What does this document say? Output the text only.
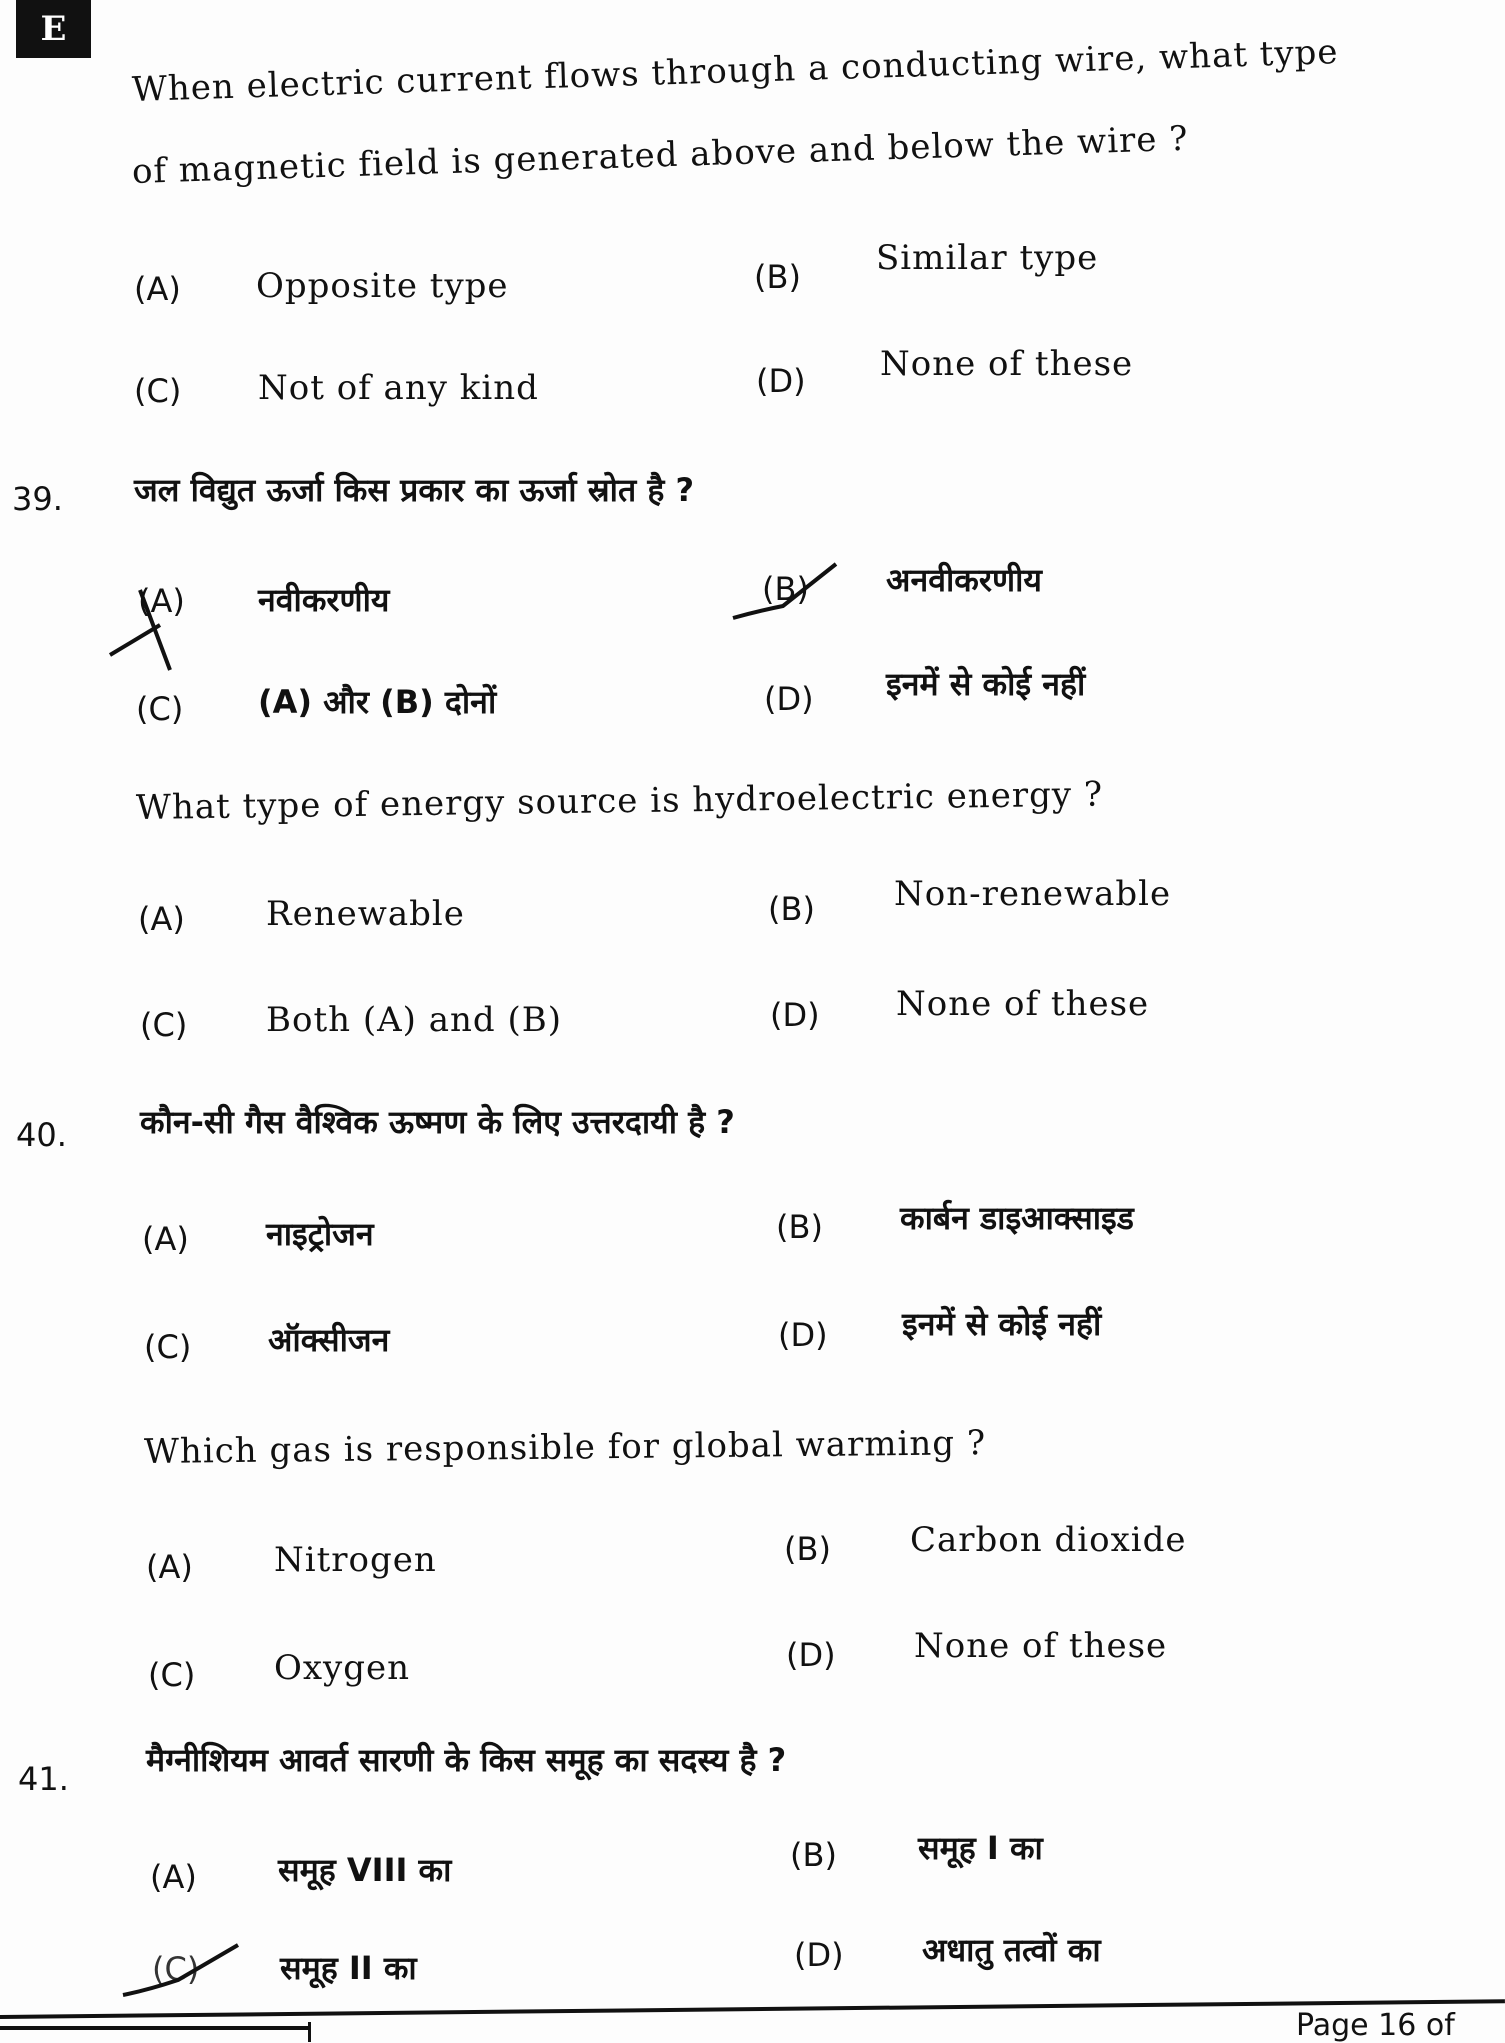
E
When electric current flows through a conducting wire, what type
of magnetic field is generated above and below the wire ?
(A) Opposite type	(B) Similar type
(C) Not of any kind	(D) None of these
39. जल विद्युत ऊर्जा किस प्रकार का ऊर्जा स्रोत है ?
(A) नवीकरणीय	(B) अनवीकरणीय
(C) (A) और (B) दोनों	(D) इनमें से कोई नहीं
What type of energy source is hydroelectric energy ?
(A) Renewable	(B) Non-renewable
(C) Both (A) and (B)	(D) None of these
40. कौन-सी गैस वैश्विक ऊष्मण के लिए उत्तरदायी है ?
(A) नाइट्रोजन	(B) कार्बन डाइआक्साइड
(C) ऑक्सीजन	(D) इनमें से कोई नहीं
Which gas is responsible for global warming ?
(A) Nitrogen	(B) Carbon dioxide
(C) Oxygen	(D) None of these
41. मैग्नीशियम आवर्त सारणी के किस समूह का सदस्य है ?
(A)	समूह VIII का	(B)	समूह I का
(C)	समूह II का	(D) अधातु तत्वों का
Page 16 of
